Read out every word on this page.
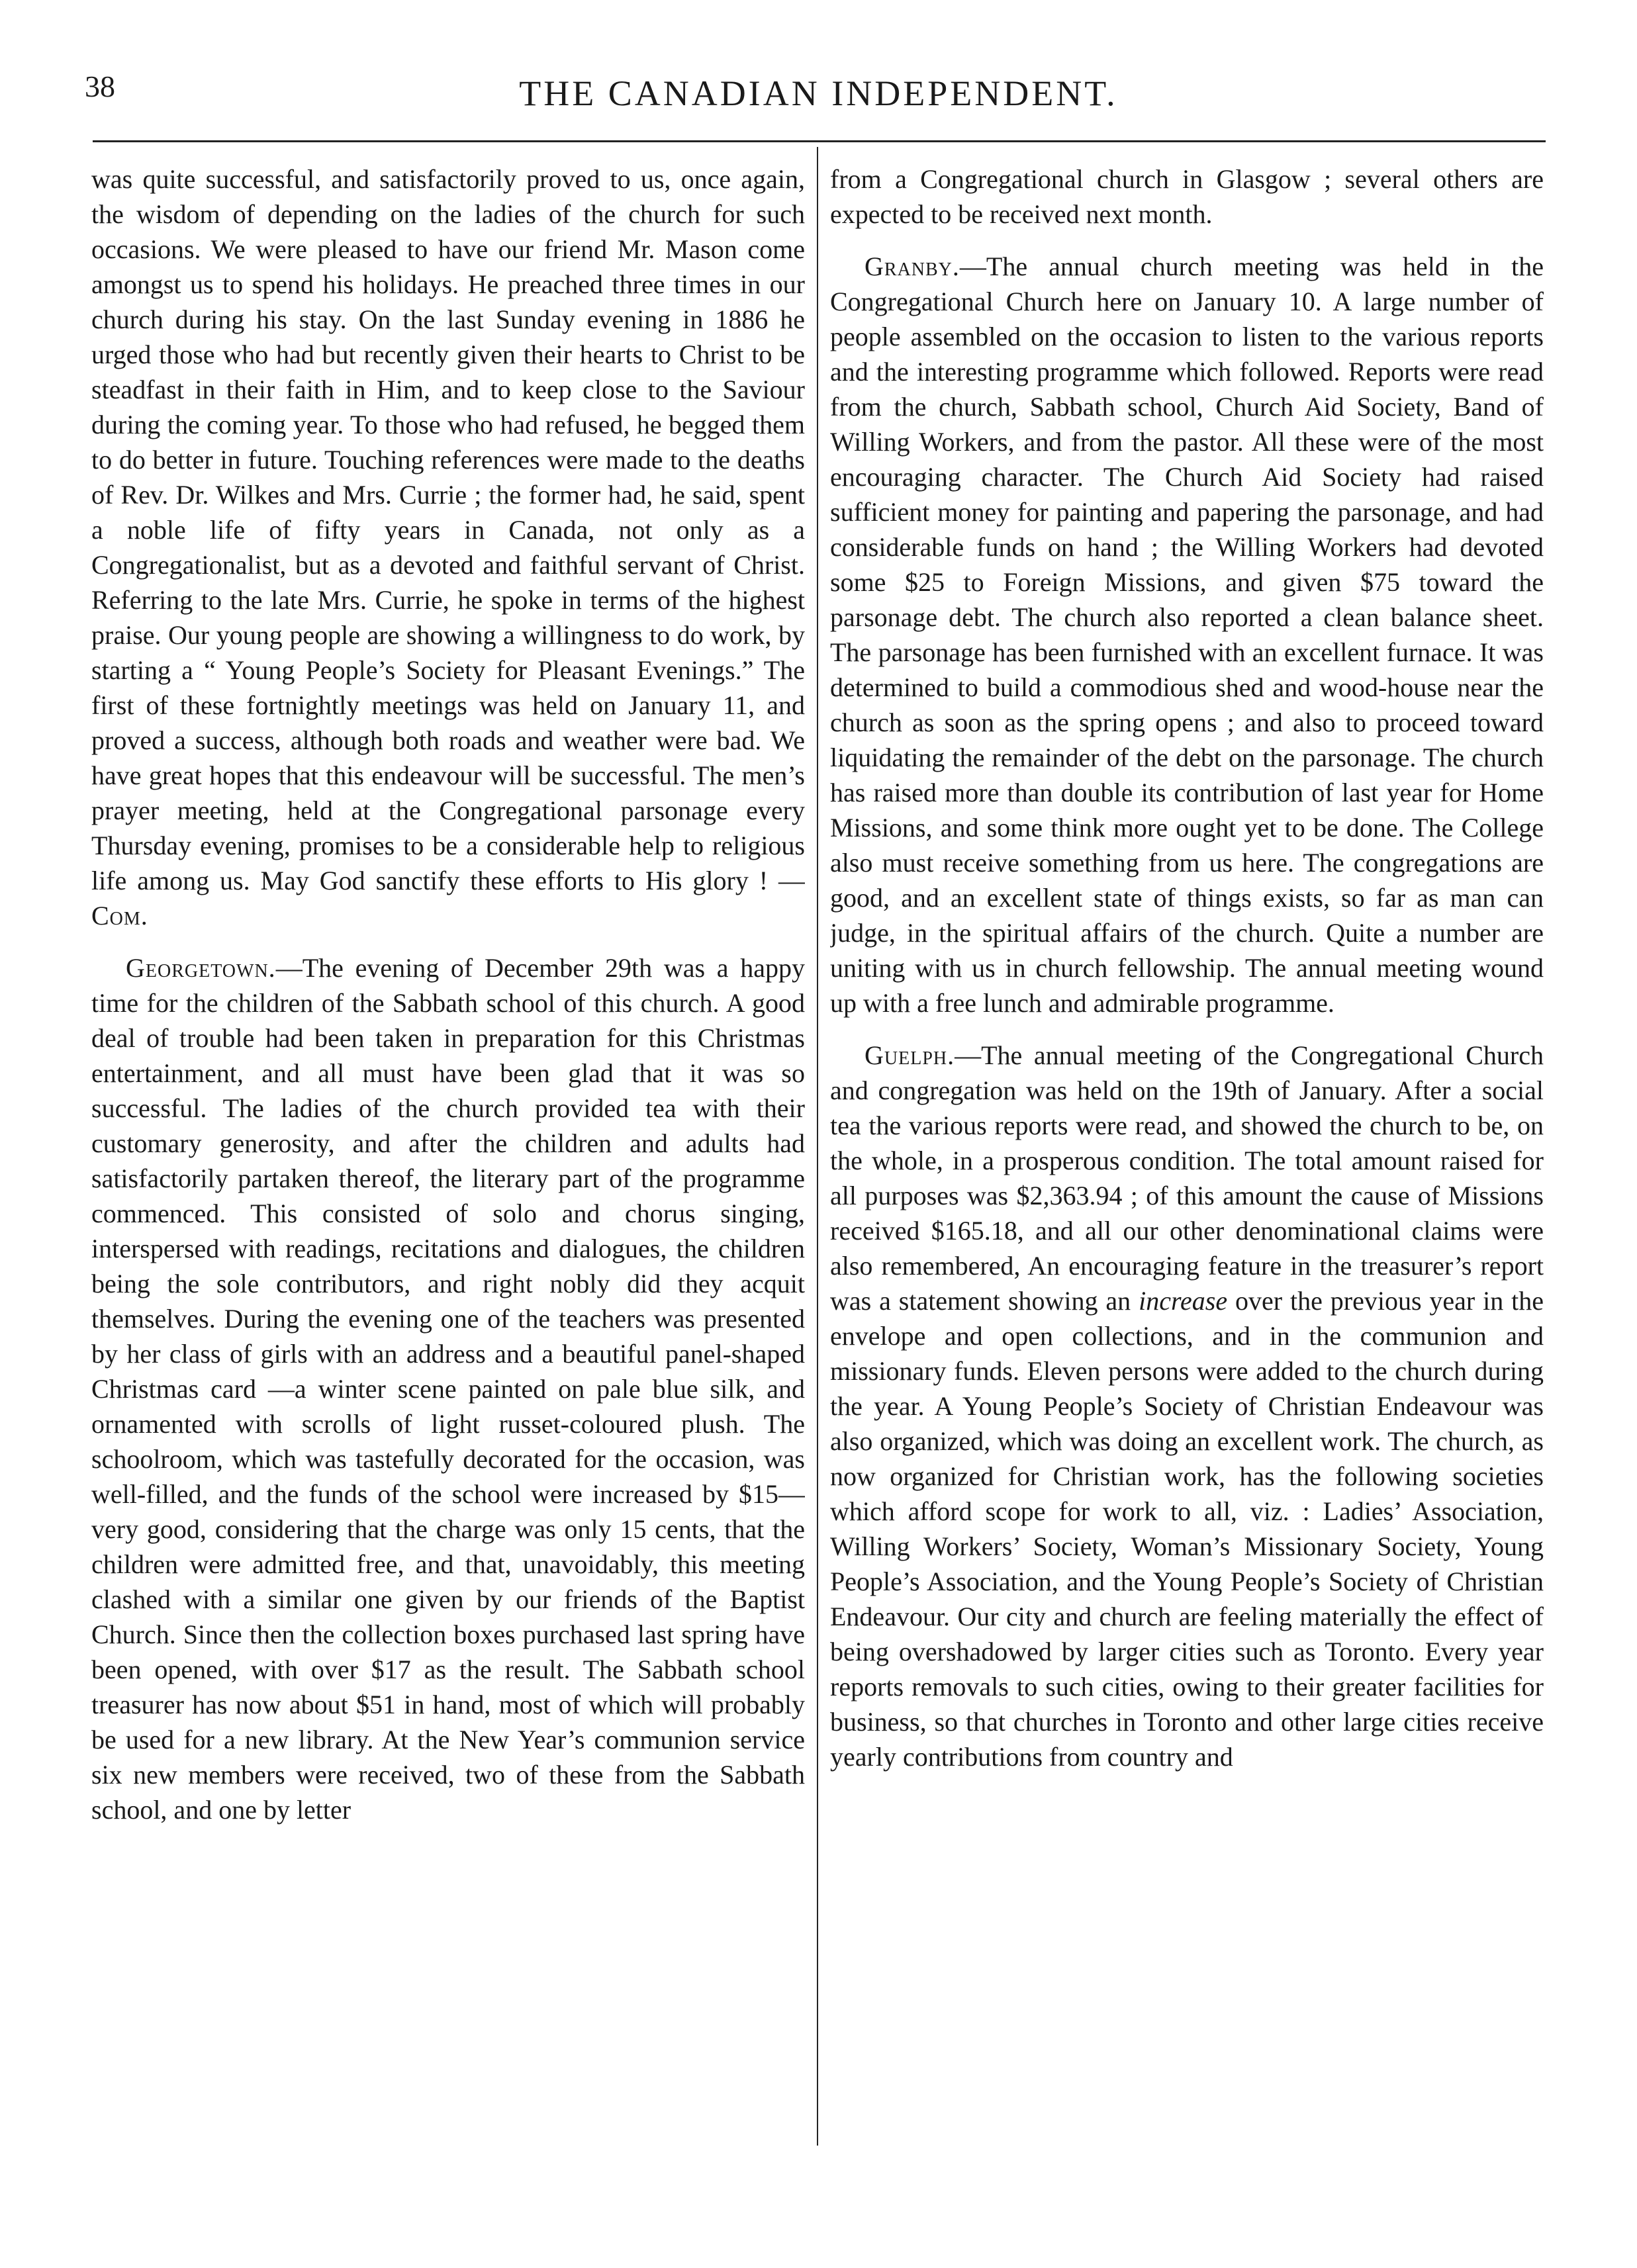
38	THE CANADIAN INDEPENDENT.

was quite successful, and satisfactorily proved to us, once again, the wisdom of depending on the ladies of the church for such occasions. We were pleased to have our friend Mr. Mason come amongst us to spend his holidays. He preached three times in our church during his stay. On the last Sunday evening in 1886 he urged those who had but recently given their hearts to Christ to be steadfast in their faith in Him, and to keep close to the Saviour during the coming year. To those who had refused, he begged them to do better in future. Touching references were made to the deaths of Rev. Dr. Wilkes and Mrs. Currie ; the former had, he said, spent a noble life of fifty years in Canada, not only as a Congregationalist, but as a devoted and faithful servant of Christ. Referring to the late Mrs. Currie, he spoke in terms of the highest praise. Our young people are showing a willingness to do work, by starting a “ Young People’s Society for Pleasant Evenings.” The first of these fortnightly meetings was held on January 11, and proved a success, although both roads and weather were bad. We have great hopes that this endeavour will be successful. The men’s prayer meeting, held at the Congregational parsonage every Thursday evening, promises to be a considerable help to religious life among us. May God sanctify these efforts to His glory ! —Com.

Georgetown.—The evening of December 29th was a happy time for the children of the Sabbath school of this church. A good deal of trouble had been taken in preparation for this Christmas entertainment, and all must have been glad that it was so successful. The ladies of the church provided tea with their customary generosity, and after the children and adults had satisfactorily partaken thereof, the literary part of the programme commenced. This consisted of solo and chorus singing, interspersed with readings, recitations and dialogues, the children being the sole contributors, and right nobly did they acquit themselves. During the evening one of the teachers was presented by her class of girls with an address and a beautiful panel-shaped Christmas card —a winter scene painted on pale blue silk, and ornamented with scrolls of light russet-coloured plush. The schoolroom, which was tastefully decorated for the occasion, was well-filled, and the funds of the school were increased by $15—very good, considering that the charge was only 15 cents, that the children were admitted free, and that, unavoidably, this meeting clashed with a similar one given by our friends of the Baptist Church. Since then the collection boxes purchased last spring have been opened, with over $17 as the result. The Sabbath school treasurer has now about $51 in hand, most of which will probably be used for a new library. At the New Year’s communion service six new members were received, two of these from the Sabbath school, and one by letter

from a Congregational church in Glasgow ; several others are expected to be received next month.

Granby.—The annual church meeting was held in the Congregational Church here on January 10. A large number of people assembled on the occasion to listen to the various reports and the interesting programme which followed. Reports were read from the church, Sabbath school, Church Aid Society, Band of Willing Workers, and from the pastor. All these were of the most encouraging character. The Church Aid Society had raised sufficient money for painting and papering the parsonage, and had considerable funds on hand ; the Willing Workers had devoted some $25 to Foreign Missions, and given $75 toward the parsonage debt. The church also reported a clean balance sheet. The parsonage has been furnished with an excellent furnace. It was determined to build a commodious shed and wood-house near the church as soon as the spring opens ; and also to proceed toward liquidating the remainder of the debt on the parsonage. The church has raised more than double its contribution of last year for Home Missions, and some think more ought yet to be done. The College also must receive something from us here. The congregations are good, and an excellent state of things exists, so far as man can judge, in the spiritual affairs of the church. Quite a number are uniting with us in church fellowship. The annual meeting wound up with a free lunch and admirable programme.

Guelph.—The annual meeting of the Congregational Church and congregation was held on the 19th of January. After a social tea the various reports were read, and showed the church to be, on the whole, in a prosperous condition. The total amount raised for all purposes was $2,363.94 ; of this amount the cause of Missions received $165.18, and all our other denominational claims were also remembered, An encouraging feature in the treasurer’s report was a statement showing an increase over the previous year in the envelope and open collections, and in the communion and missionary funds. Eleven persons were added to the church during the year. A Young People’s Society of Christian Endeavour was also organized, which was doing an excellent work. The church, as now organized for Christian work, has the following societies which afford scope for work to all, viz. : Ladies’ Association, Willing Workers’ Society, Woman’s Missionary Society, Young People’s Association, and the Young People’s Society of Christian Endeavour. Our city and church are feeling materially the effect of being overshadowed by larger cities such as Toronto. Every year reports removals to such cities, owing to their greater facilities for business, so that churches in Toronto and other large cities receive yearly contributions from country and
